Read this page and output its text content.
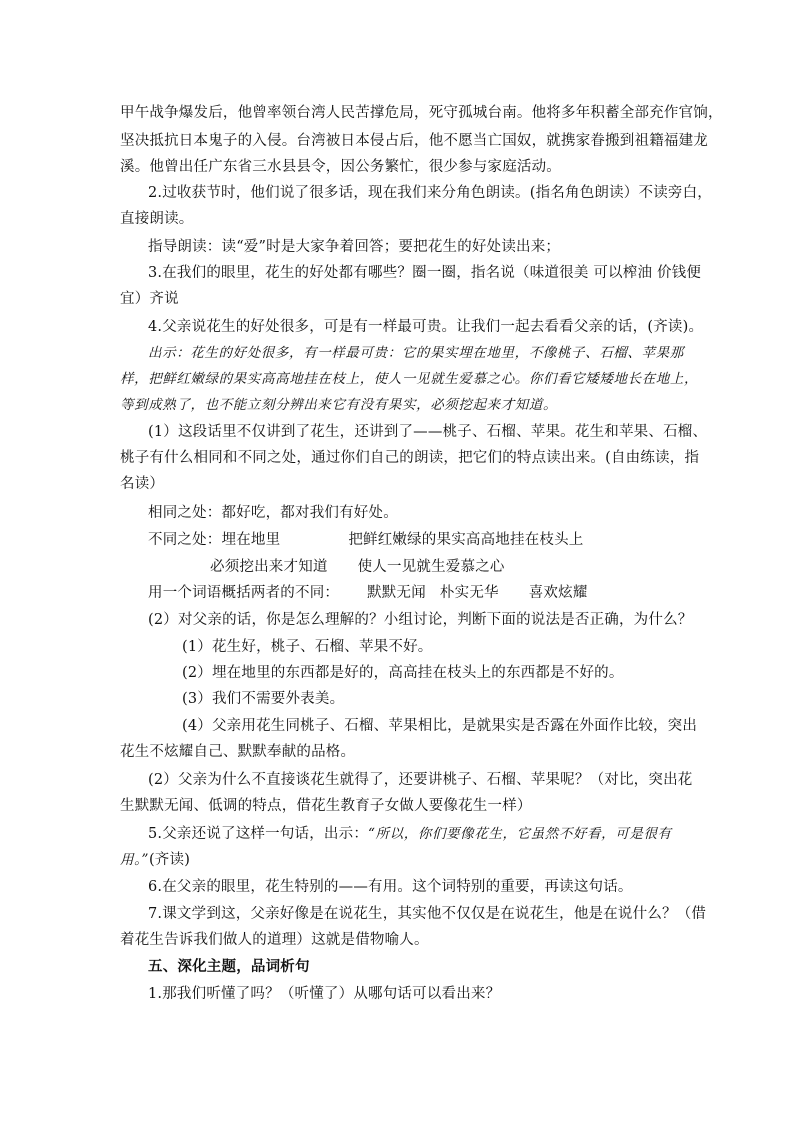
甲午战争爆发后，他曾率领台湾人民苦撑危局，死守孤城台南。他将多年积蓄全部充作官饷，
坚决抵抗日本鬼子的入侵。台湾被日本侵占后，他不愿当亡国奴，就携家眷搬到祖籍福建龙
溪。他曾出任广东省三水县县令，因公务繁忙，很少参与家庭活动。
2.过收获节时，他们说了很多话，现在我们来分角色朗读。(指名角色朗读）不读旁白，
直接朗读。
指导朗读：读“爱”时是大家争着回答；要把花生的好处读出来；
3.在我们的眼里，花生的好处都有哪些？圈一圈，指名说（味道很美 可以榨油 价钱便
宜）齐说
4.父亲说花生的好处很多，可是有一样最可贵。让我们一起去看看父亲的话，(齐读)。
出示：花生的好处很多，有一样最可贵：它的果实埋在地里，不像桃子、石榴、苹果那
样，把鲜红嫩绿的果实高高地挂在枝上，使人一见就生爱慕之心。你们看它矮矮地长在地上，
等到成熟了，也不能立刻分辨出来它有没有果实，必须挖起来才知道。
(1）这段话里不仅讲到了花生，还讲到了——桃子、石榴、苹果。花生和苹果、石榴、
桃子有什么相同和不同之处，通过你们自己的朗读，把它们的特点读出来。(自由练读，指
名读）
相同之处：都好吃，都对我们有好处。
不同之处：埋在地里	把鲜红嫩绿的果实高高地挂在枝头上
必须挖出来才知道 使人一见就生爱慕之心
用一个词语概括两者的不同： 默默无闻 朴实无华 喜欢炫耀
(2）对父亲的话，你是怎么理解的？小组讨论，判断下面的说法是否正确，为什么？
(1）花生好，桃子、石榴、苹果不好。
(2）埋在地里的东西都是好的，高高挂在枝头上的东西都是不好的。
(3）我们不需要外表美。
(4）父亲用花生同桃子、石榴、苹果相比，是就果实是否露在外面作比较，突出
花生不炫耀自己、默默奉献的品格。
(2）父亲为什么不直接谈花生就得了，还要讲桃子、石榴、苹果呢？（对比，突出花
生默默无闻、低调的特点，借花生教育子女做人要像花生一样）
5.父亲还说了这样一句话，出示：“所以，你们要像花生，它虽然不好看，可是很有
用。”(齐读)
6.在父亲的眼里，花生特别的——有用。这个词特别的重要，再读这句话。
7.课文学到这，父亲好像是在说花生，其实他不仅仅是在说花生，他是在说什么？（借
着花生告诉我们做人的道理）这就是借物喻人。
五、深化主题，品词析句
1.那我们听懂了吗？（听懂了）从哪句话可以看出来？
